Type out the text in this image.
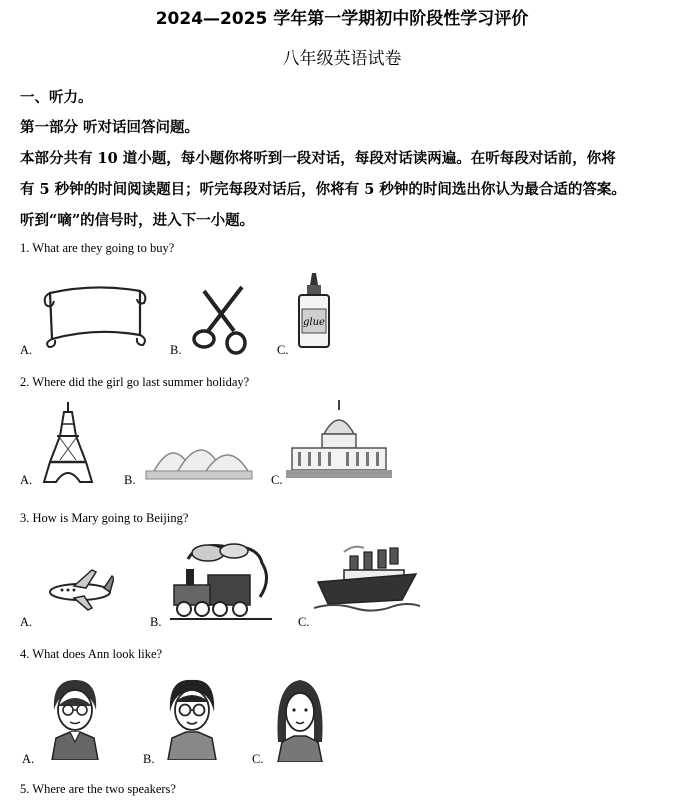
2024—2025 学年第一学期初中阶段性学习评价
八年级英语试卷
一、听力。
第一部分 听对话回答问题。
本部分共有 10 道小题，每小题你将听到一段对话，每段对话读两遍。在听每段对话前，你将
有 5 秒钟的时间阅读题目；听完每段对话后，你将有 5 秒钟的时间选出你认为最合适的答案。
听到“嘀”的信号时，进入下一小题。
1. What are they going to buy?
A.	B.
glue
C.
2. Where did the girl go last summer holiday?
A.	B.	C.
3. How is Mary going to Beijing?
A.	B.	C.
4. What does Ann look like?
A.	B.	C.
5. Where are the two speakers?
